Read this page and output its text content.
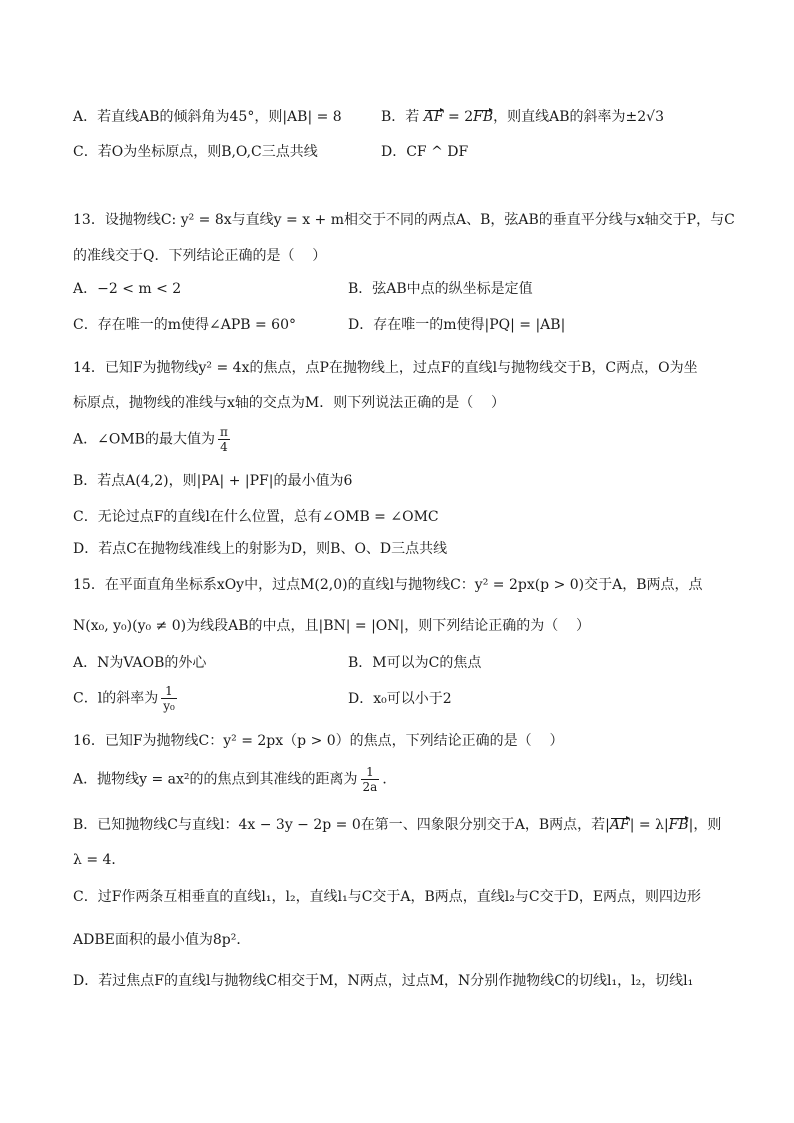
A．若直线AB的倾斜角为45°，则|AB| = 8	B．若 AF = 2FB，则直线AB的斜率为±2√3
C．若O为坐标原点，则B,O,C三点共线	D．CF ^ DF
13．设抛物线C: y² = 8x与直线y = x + m相交于不同的两点A、B，弦AB的垂直平分线与x轴交于P，与C
的准线交于Q．下列结论正确的是（    ）
A．−2 < m < 2	B．弦AB中点的纵坐标是定值
C．存在唯一的m使得∠APB = 60°	D．存在唯一的m使得|PQ| = |AB|
14．已知F为抛物线y² = 4x的焦点，点P在抛物线上，过点F的直线l与抛物线交于B，C两点，O为坐
标原点，抛物线的准线与x轴的交点为M．则下列说法正确的是（    ）
A．∠OMB的最大值为 $\frac{\pi}{4}$
B．若点A(4,2)，则|PA| + |PF|的最小值为6
C．无论过点F的直线l在什么位置，总有∠OMB = ∠OMC
D．若点C在抛物线准线上的射影为D，则B、O、D三点共线
15．在平面直角坐标系xOy中，过点M(2,0)的直线l与抛物线C：y² = 2px(p > 0)交于A，B两点，点
N(x₀, y₀)(y₀ ≠ 0)为线段AB的中点，且|BN| = |ON|，则下列结论正确的为（    ）
A．N为VAOB的外心	B．M可以为C的焦点
C．l的斜率为 $\frac{1}{\text{y₀}}$	D．x₀可以小于2
16．已知F为抛物线C：y² = 2px（p > 0）的焦点，下列结论正确的是（    ）
A．抛物线y = ax²的的焦点到其准线的距离为 $\frac{1}{2a}$ ．
B．已知抛物线C与直线l：4x − 3y − 2p = 0在第一、四象限分别交于A，B两点，若|AF| = λ|FB|，则
λ = 4．
C．过F作两条互相垂直的直线l₁，l₂，直线l₁与C交于A，B两点，直线l₂与C交于D，E两点，则四边形
ADBE面积的最小值为8p²．
D．若过焦点F的直线l与抛物线C相交于M，N两点，过点M，N分别作抛物线C的切线l₁，l₂，切线l₁
